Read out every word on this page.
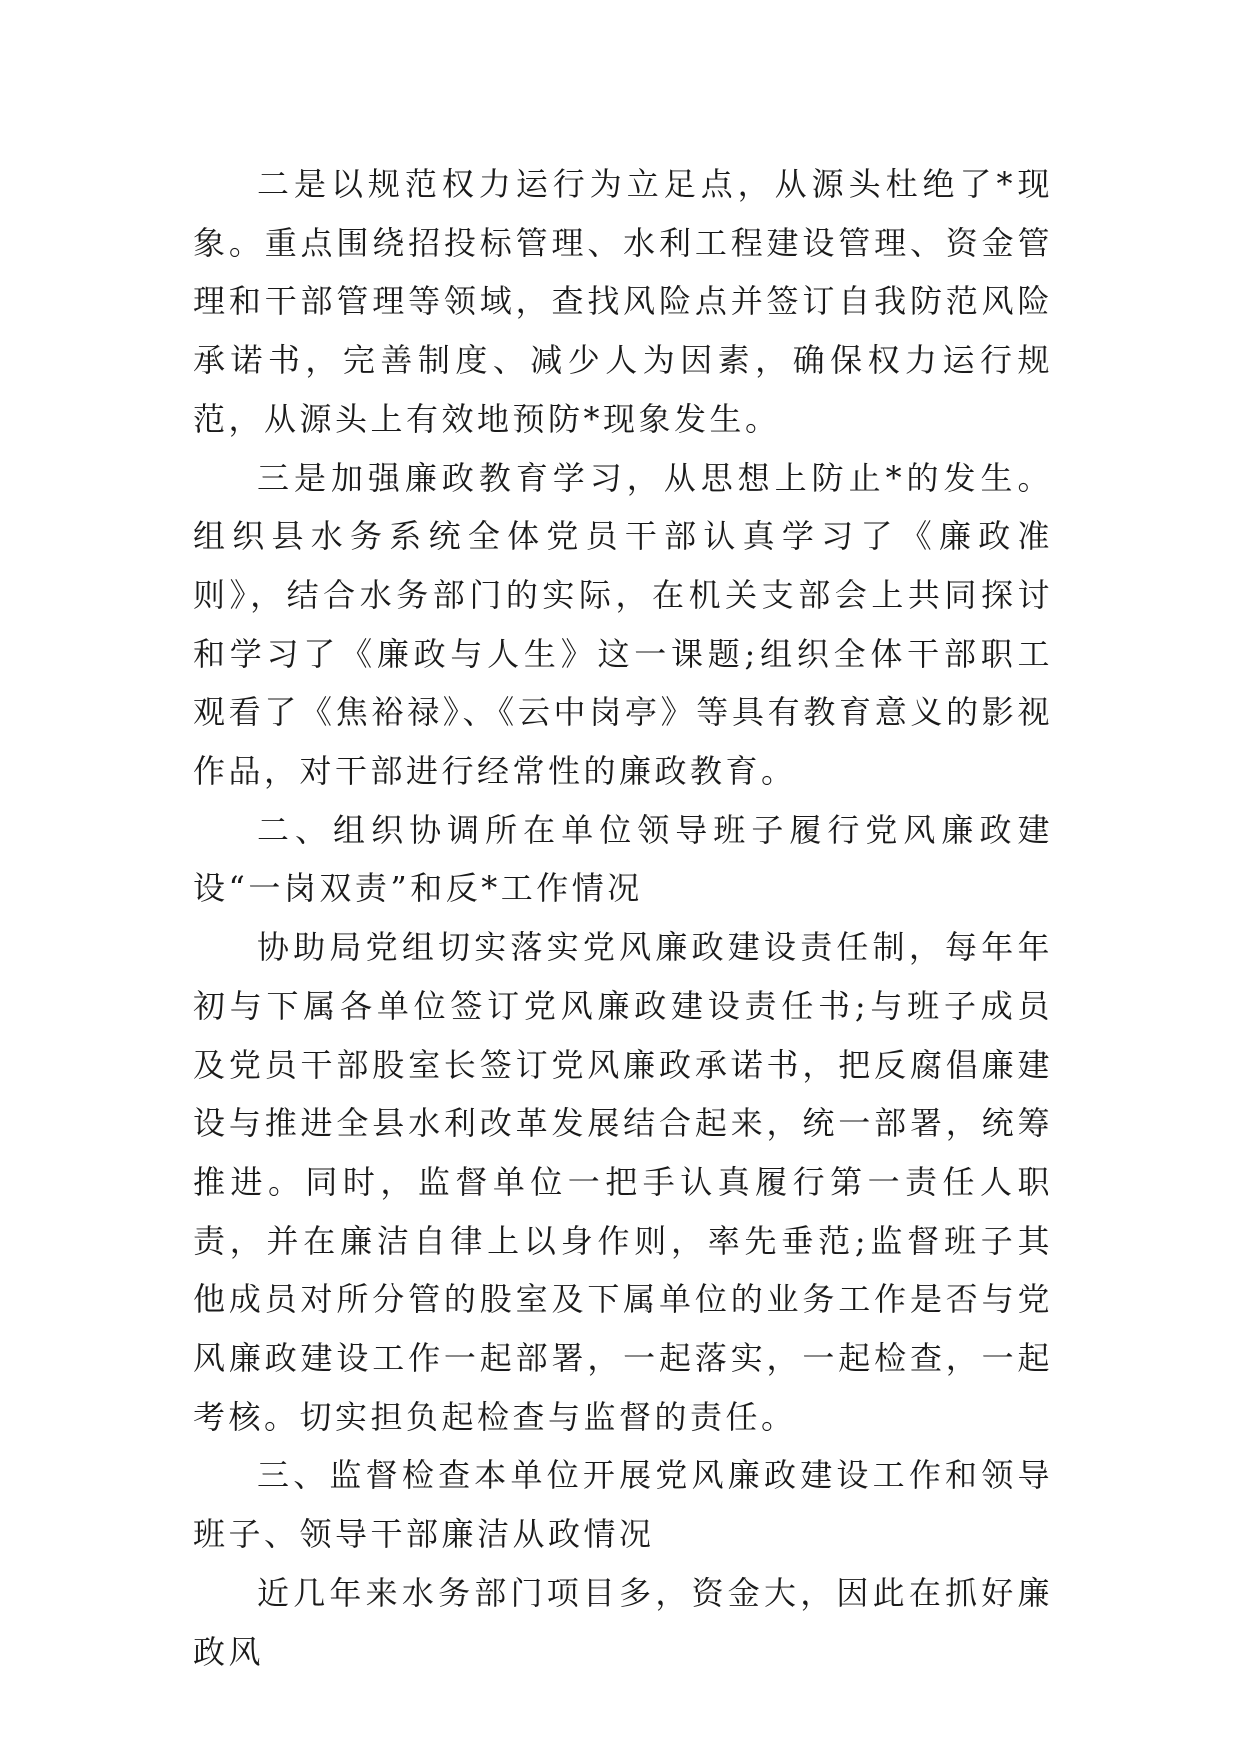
二是以规范权力运行为立足点，从源头杜绝了*现象。重点围绕招投标管理、水利工程建设管理、资金管理和干部管理等领域，查找风险点并签订自我防范风险承诺书，完善制度、减少人为因素，确保权力运行规范，从源头上有效地预防*现象发生。

三是加强廉政教育学习，从思想上防止*的发生。组织县水务系统全体党员干部认真学习了《廉政准则》，结合水务部门的实际，在机关支部会上共同探讨和学习了《廉政与人生》这一课题;组织全体干部职工观看了《焦裕禄》、《云中岗亭》等具有教育意义的影视作品，对干部进行经常性的廉政教育。

二、组织协调所在单位领导班子履行党风廉政建设“一岗双责”和反*工作情况

协助局党组切实落实党风廉政建设责任制，每年年初与下属各单位签订党风廉政建设责任书;与班子成员及党员干部股室长签订党风廉政承诺书，把反腐倡廉建设与推进全县水利改革发展结合起来，统一部署，统筹推进。同时，监督单位一把手认真履行第一责任人职责，并在廉洁自律上以身作则，率先垂范;监督班子其他成员对所分管的股室及下属单位的业务工作是否与党风廉政建设工作一起部署，一起落实，一起检查，一起考核。切实担负起检查与监督的责任。

三、监督检查本单位开展党风廉政建设工作和领导班子、领导干部廉洁从政情况

近几年来水务部门项目多，资金大，因此在抓好廉政风
